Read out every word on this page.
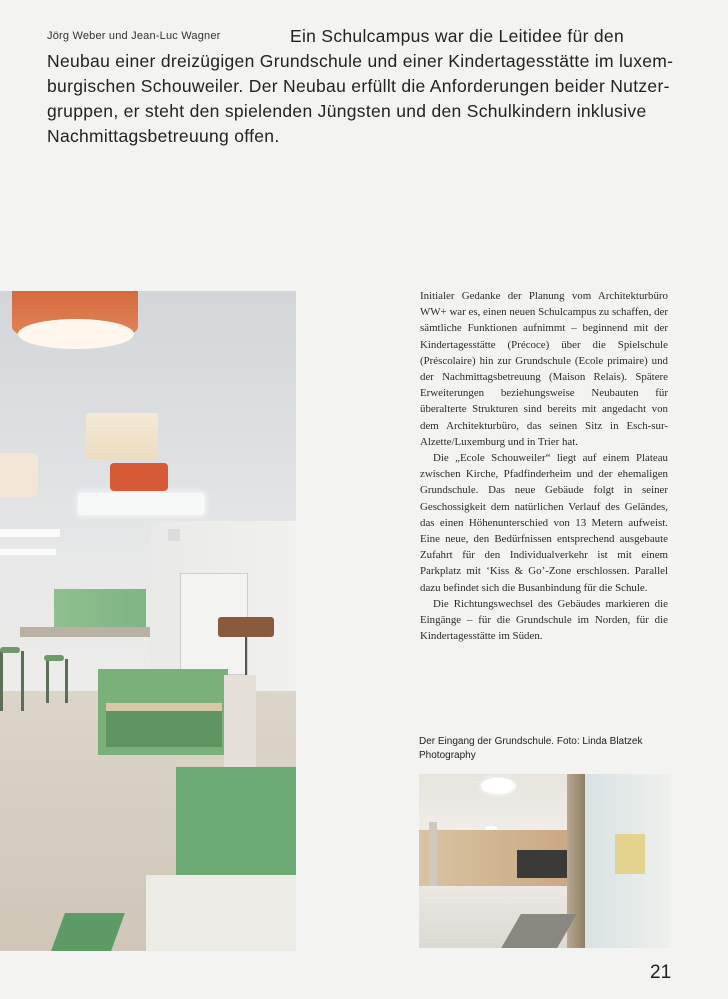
Jörg Weber und Jean-Luc Wagner	Ein Schulcampus war die Leitidee für den
Neubau einer dreizügigen Grundschule und einer Kindertagesstätte im luxem-
burgischen Schouweiler. Der Neubau erfüllt die Anforderungen beider Nutzer-
gruppen, er steht den spielenden Jüngsten und den Schulkindern inklusive
Nachmittagsbetreuung offen.

Initialer Gedanke der Planung vom Architekturbüro WW+ war es, einen neuen Schulcampus zu schaffen, der sämtliche Funktionen aufnimmt – beginnend mit der Kindertagesstätte (Précoce) über die Spielschule (Préscolaire) hin zur Grundschule (Ecole primaire) und der Nachmittagsbetreuung (Maison Relais). Spätere Erweiterungen beziehungsweise Neubauten für überalterte Strukturen sind bereits mit angedacht von dem Architekturbüro, das seinen Sitz in Esch-sur-Alzette/Luxemburg und in Trier hat.

Die „Ecole Schouweiler“ liegt auf einem Plateau zwischen Kirche, Pfadfinderheim und der ehemaligen Grundschule. Das neue Gebäude folgt in seiner Geschossigkeit dem natürlichen Verlauf des Geländes, das einen Höhenunterschied von 13 Metern aufweist. Eine neue, den Bedürfnissen entsprechend ausgebaute Zufahrt für den Individualverkehr ist mit einem Parkplatz mit ‘Kiss & Go’-Zone erschlossen. Parallel dazu befindet sich die Busanbindung für die Schule.

Die Richtungswechsel des Gebäudes markieren die Eingänge – für die Grundschule im Norden, für die Kindertagesstätte im Süden.

Der Eingang der Grundschule. Foto: Linda Blatzek Photography
21
